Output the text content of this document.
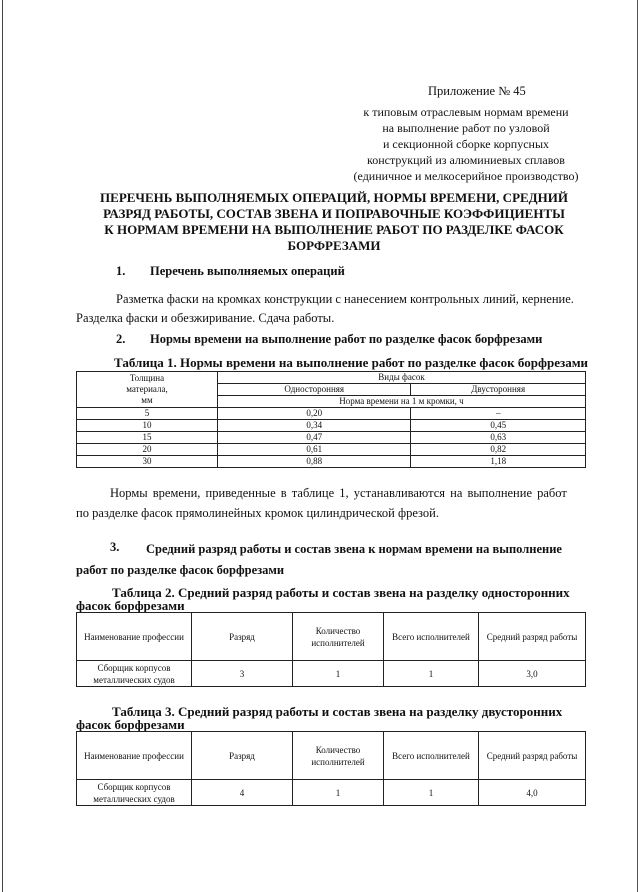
Приложение № 45
к типовым отраслевым нормам времени
на выполнение работ по узловой
и секционной сборке корпусных
конструкций из алюминиевых сплавов
(единичное и мелкосерийное производство)
ПЕРЕЧЕНЬ ВЫПОЛНЯЕМЫХ ОПЕРАЦИЙ, НОРМЫ ВРЕМЕНИ, СРЕДНИЙ
РАЗРЯД РАБОТЫ, СОСТАВ ЗВЕНА И ПОПРАВОЧНЫЕ КОЭФФИЦИЕНТЫ
К НОРМАМ ВРЕМЕНИ НА ВЫПОЛНЕНИЕ РАБОТ ПО РАЗДЕЛКЕ ФАСОК
БОРФРЕЗАМИ
1. Перечень выполняемых операций
Разметка фаски на кромках конструкции с нанесением контрольных линий, кернение.
Разделка фаски и обезжиривание. Сдача работы.
2. Нормы времени на выполнение работ по разделке фасок борфрезами
Таблица 1. Нормы времени на выполнение работ по разделке фасок борфрезами
Толщина
материала,
мм	Виды фасок	
	Односторонняя	Двусторонняя
	Норма времени на 1 м кромки, ч	
5	0,20	–
10	0,34	0,45
15	0,47	0,63
20	0,61	0,82
30	0,88	1,18
Нормы времени, приведенные в таблице 1, устанавливаются на выполнение работ
по разделке фасок прямолинейных кромок цилиндрической фрезой.
3. Средний разряд работы и состав звена к нормам времени на выполнение
работ по разделке фасок борфрезами
Таблица 2. Средний разряд работы и состав звена на разделку односторонних
фасок борфрезами
Наименование профессии	Разряд	Количество исполнителей	Всего исполнителей	Средний разряд работы
Сборщик корпусов металлических судов	3	1	1	3,0
Таблица 3. Средний разряд работы и состав звена на разделку двусторонних
фасок борфрезами
Наименование профессии	Разряд	Количество исполнителей	Всего исполнителей	Средний разряд работы
Сборщик корпусов металлических судов	4	1	1	4,0
